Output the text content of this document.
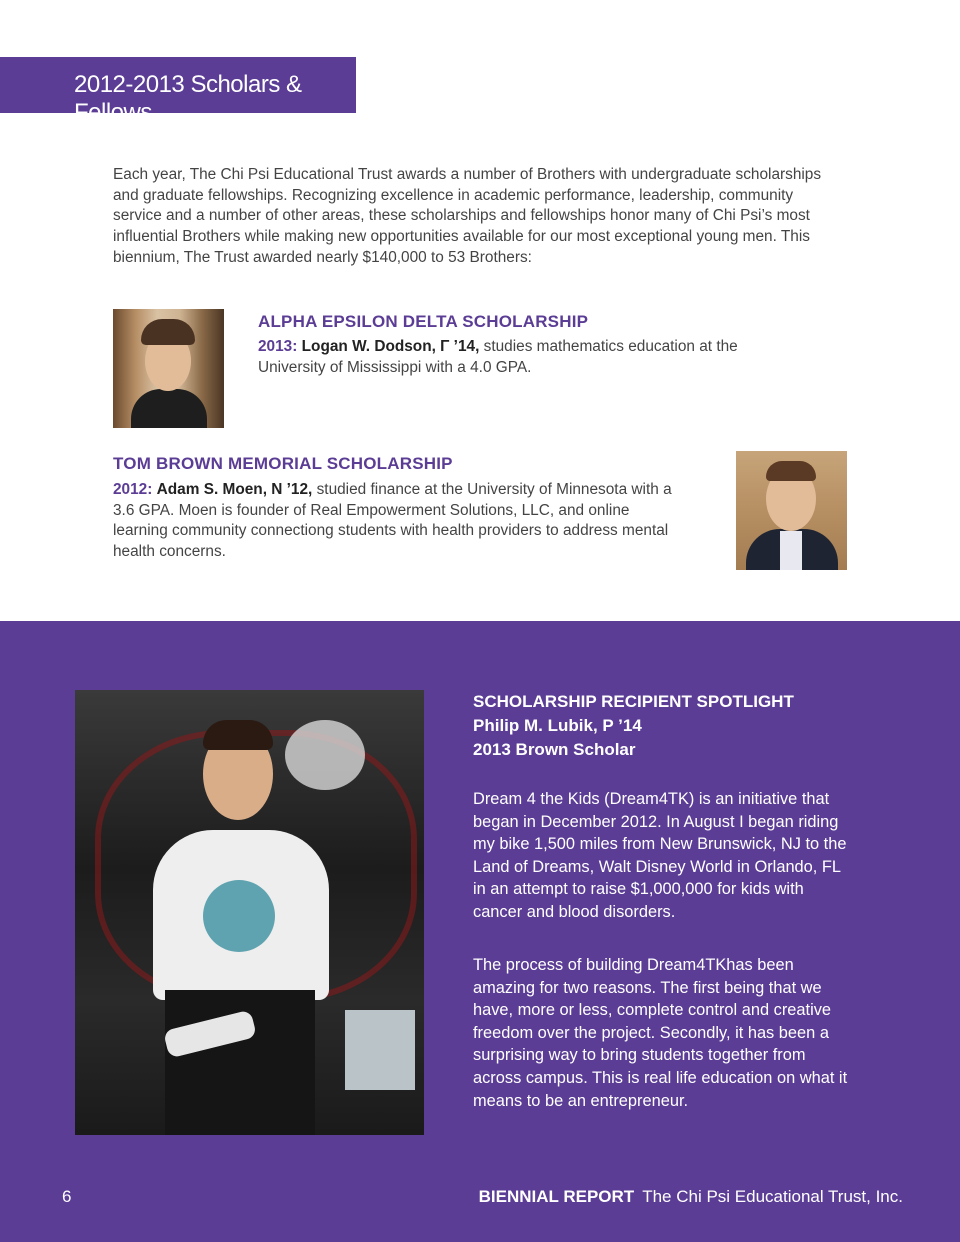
2012-2013 Scholars & Fellows

Each year, The Chi Psi Educational Trust awards a number of Brothers with undergraduate scholarships and graduate fellowships. Recognizing excellence in academic performance, leadership, community service and a number of other areas, these scholarships and fellowships honor many of Chi Psi’s most influential Brothers while making new opportunities available for our most exceptional young men. This biennium, The Trust awarded nearly $140,000 to 53 Brothers:

ALPHA EPSILON DELTA SCHOLARSHIP

2013: Logan W. Dodson, Γ ’14, studies mathematics education at the University of Mississippi with a 4.0 GPA.

TOM BROWN MEMORIAL SCHOLARSHIP

2012: Adam S. Moen, N ’12, studied finance at the University of Minnesota with a 3.6 GPA. Moen is founder of Real Empowerment Solutions, LLC, and online learning community connectiong students with health providers to address mental health concerns.

SCHOLARSHIP RECIPIENT SPOTLIGHT
Philip M. Lubik, P ’14
2013 Brown Scholar

Dream 4 the Kids (Dream4TK) is an initiative that began in December 2012. In August I began riding my bike 1,500 miles from New Brunswick, NJ to the Land of Dreams, Walt Disney World in Orlando, FL in an attempt to raise $1,000,000 for kids with cancer and blood disorders.

The process of building Dream4TKhas been amazing for two reasons. The first being that we have, more or less, complete control and creative freedom over the project. Secondly, it has been a surprising way to bring students together from across campus. This is real life education on what it means to be an entrepreneur.

6	BIENNIAL REPORT The Chi Psi Educational Trust, Inc.
